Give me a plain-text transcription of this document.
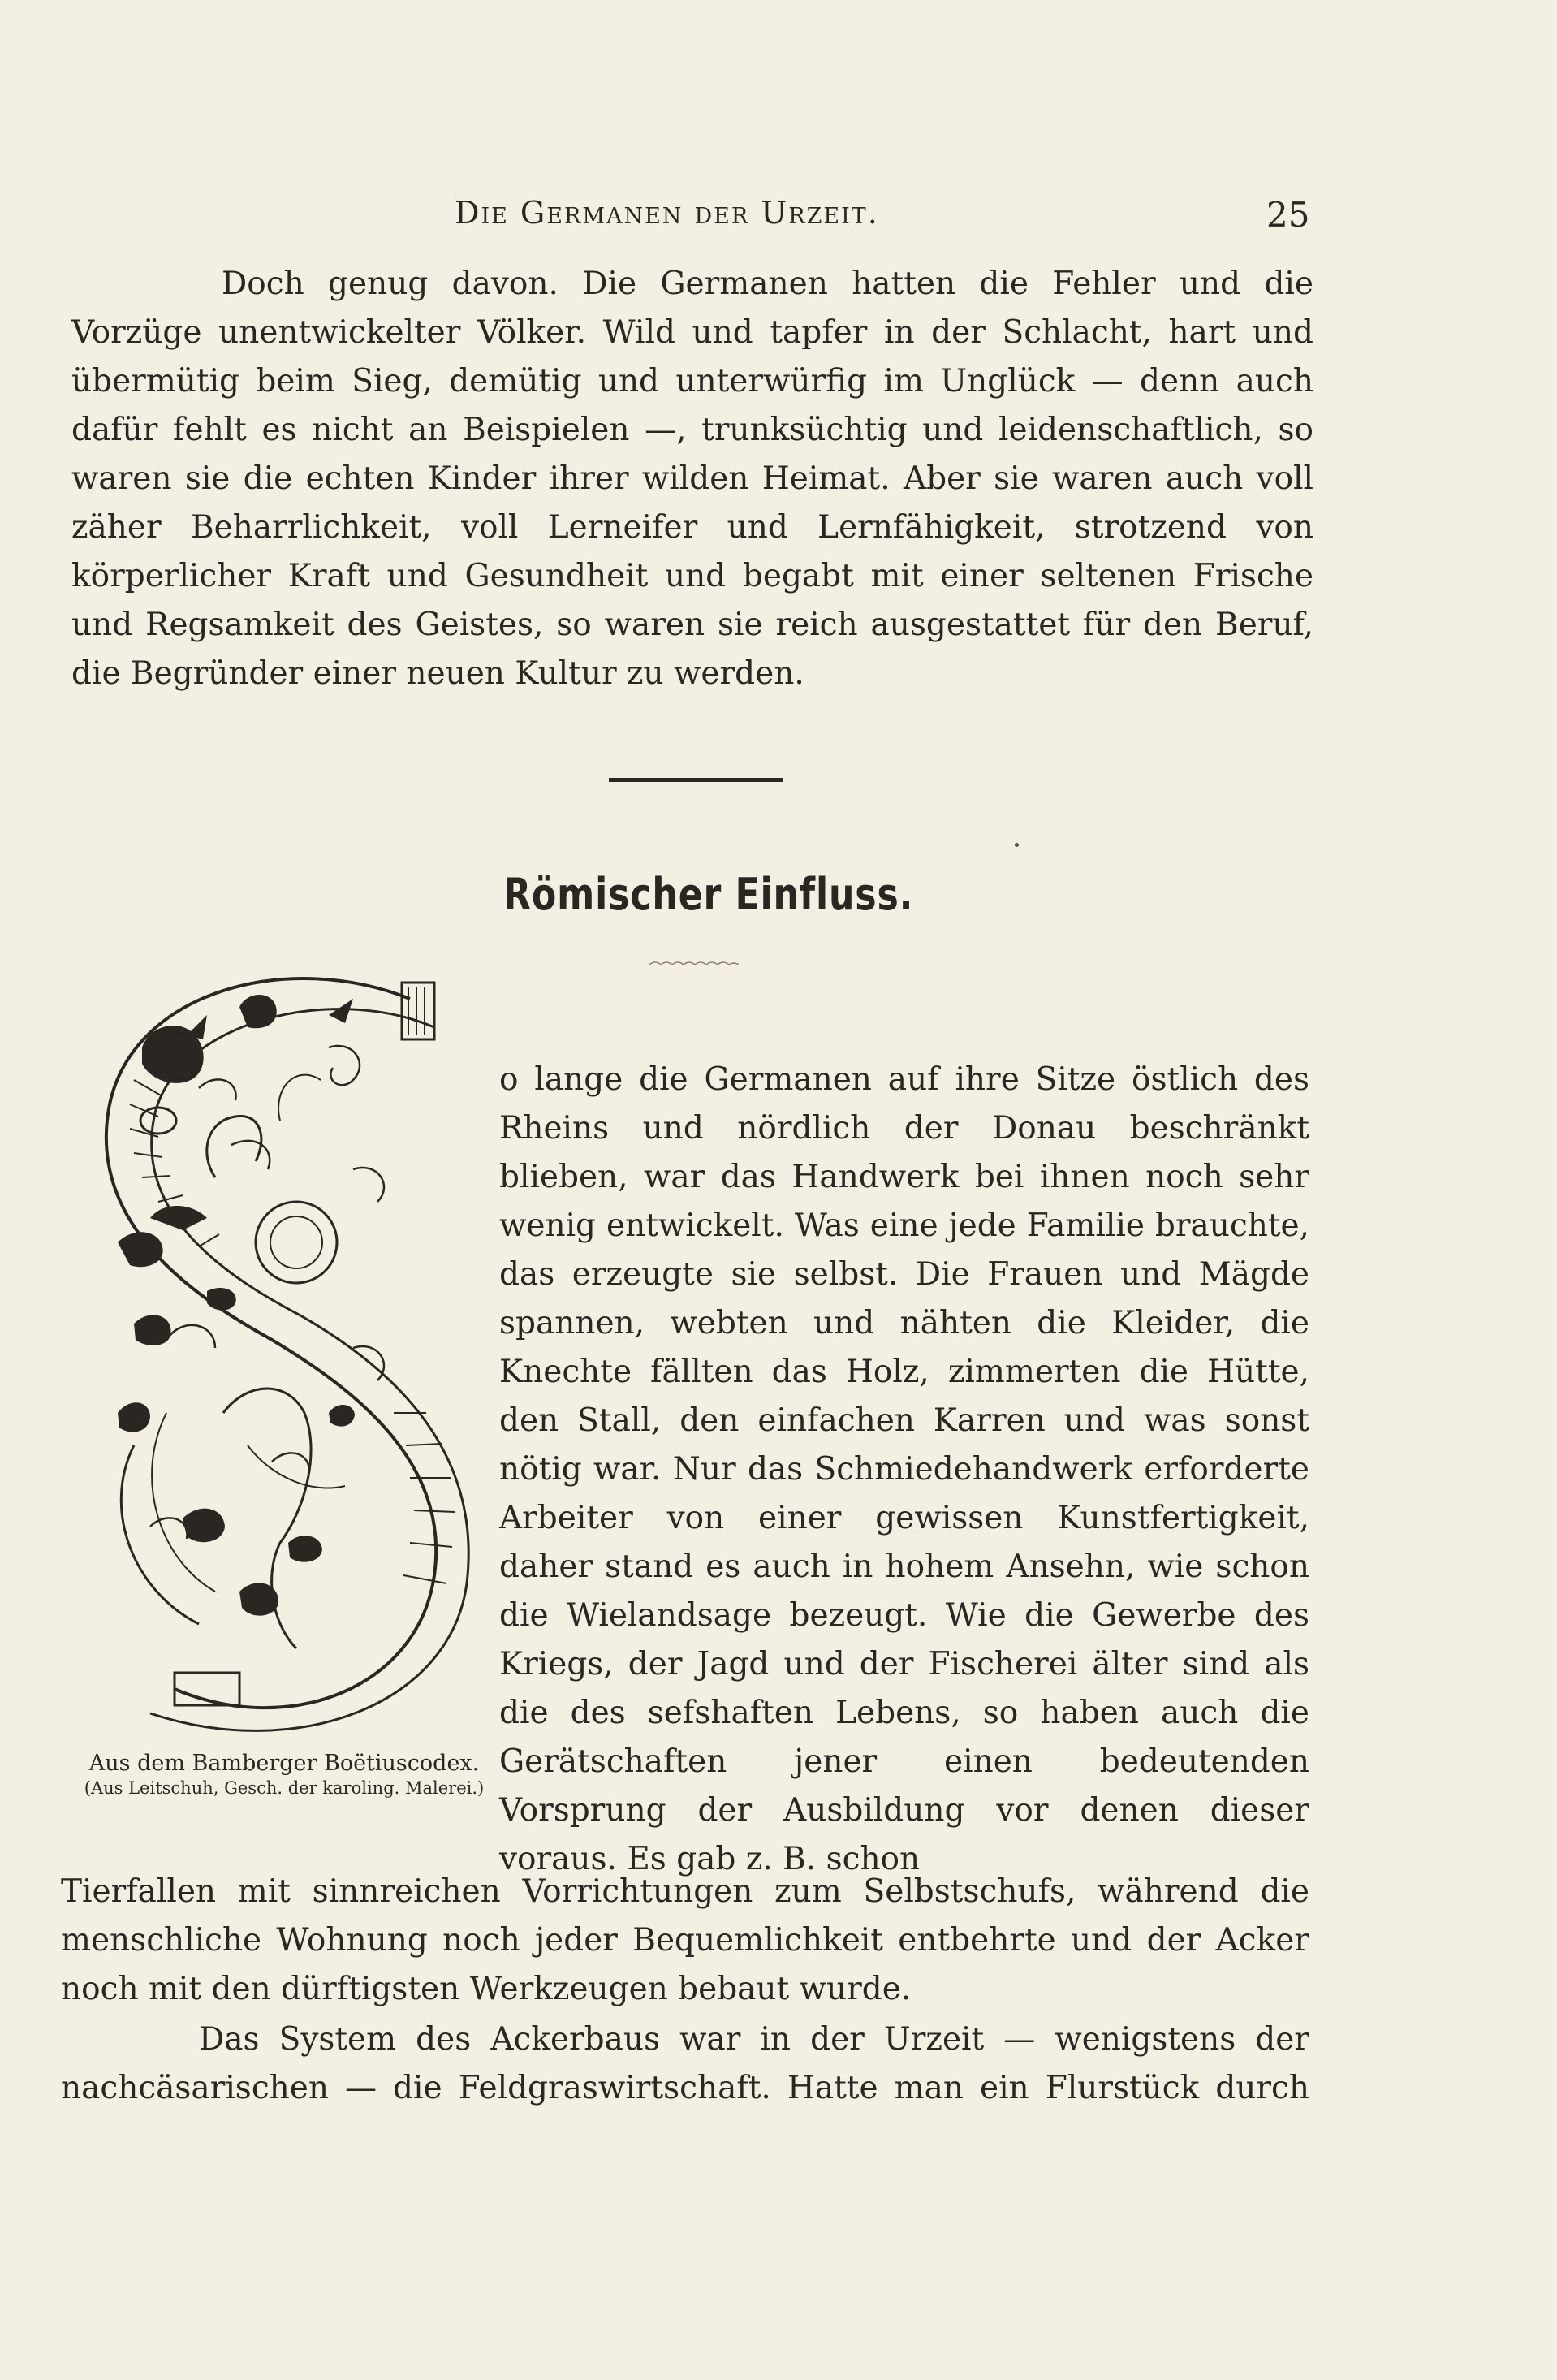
Die Germanen der Urzeit.	25

Doch genug davon. Die Germanen hatten die Fehler und die Vorzüge unentwickelter Völker. Wild und tapfer in der Schlacht, hart und übermütig beim Sieg, demütig und unterwürfig im Unglück — denn auch dafür fehlt es nicht an Beispielen —, trunksüchtig und leidenschaftlich, so waren sie die echten Kinder ihrer wilden Heimat. Aber sie waren auch voll zäher Beharrlichkeit, voll Lerneifer und Lernfähigkeit, strotzend von körperlicher Kraft und Gesundheit und begabt mit einer seltenen Frische und Regsamkeit des Geistes, so waren sie reich ausgestattet für den Beruf, die Begründer einer neuen Kultur zu werden.

Römischer Einfluss.

Aus dem Bamberger Boëtiuscodex.
(Aus Leitschuh, Gesch. der karoling. Malerei.)

o lange die Germanen auf ihre Sitze östlich des Rheins und nördlich der Donau beschränkt blieben, war das Handwerk bei ihnen noch sehr wenig entwickelt. Was eine jede Familie brauchte, das erzeugte sie selbst. Die Frauen und Mägde spannen, webten und nähten die Kleider, die Knechte fällten das Holz, zimmerten die Hütte, den Stall, den einfachen Karren und was sonst nötig war. Nur das Schmiedehandwerk erforderte Arbeiter von einer gewissen Kunstfertigkeit, daher stand es auch in hohem Ansehn, wie schon die Wielandsage bezeugt. Wie die Gewerbe des Kriegs, der Jagd und der Fischerei älter sind als die des sefshaften Lebens, so haben auch die Gerätschaften jener einen bedeutenden Vorsprung der Ausbildung vor denen dieser voraus. Es gab z. B. schon

Tierfallen mit sinnreichen Vorrichtungen zum Selbstschufs, während die

menschliche Wohnung noch jeder Bequemlichkeit entbehrte und der Acker

noch mit den dürftigsten Werkzeugen bebaut wurde.

Das System des Ackerbaus war in der Urzeit — wenigstens der

nachcäsarischen — die Feldgraswirtschaft. Hatte man ein Flurstück durch
